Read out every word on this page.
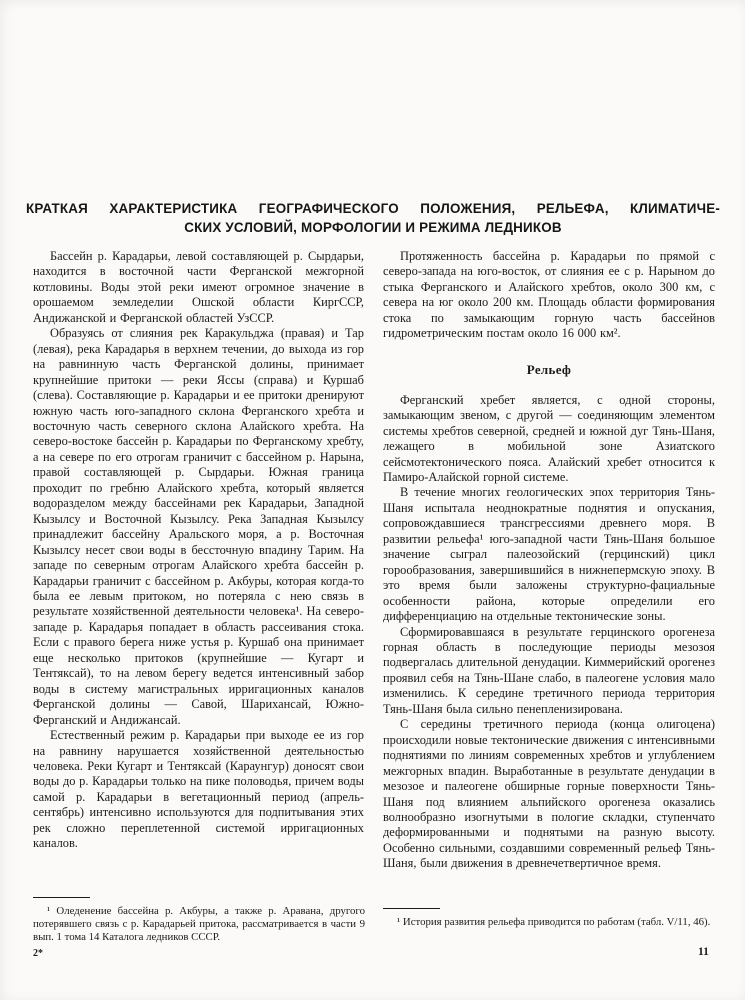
КРАТКАЯ ХАРАКТЕРИСТИКА ГЕОГРАФИЧЕСКОГО ПОЛОЖЕНИЯ, РЕЛЬЕФА, КЛИМАТИЧЕ-
СКИХ УСЛОВИЙ, МОРФОЛОГИИ И РЕЖИМА ЛЕДНИКОВ

Бассейн р. Карадарьи, левой составляющей р. Сырдарьи, находится в восточной части Ферганской межгорной котловины. Воды этой реки имеют огромное значение в орошаемом земледелии Ошской области КиргССР, Андижанской и Ферганской областей УзССР.

Образуясь от слияния рек Каракульджа (правая) и Тар (левая), река Карадарья в верхнем течении, до выхода из гор на равнинную часть Ферганской долины, принимает крупнейшие притоки — реки Яссы (справа) и Куршаб (слева). Составляющие р. Карадарьи и ее притоки дренируют южную часть юго-западного склона Ферганского хребта и восточную часть северного склона Алайского хребта. На северо-востоке бассейн р. Карадарьи по Ферганскому хребту, а на севере по его отрогам граничит с бассейном р. Нарына, правой составляющей р. Сырдарьи. Южная граница проходит по гребню Алайского хребта, который является водоразделом между бассейнами рек Карадарьи, Западной Кызылсу и Восточной Кызылсу. Река Западная Кызылсу принадлежит бассейну Аральского моря, а р. Восточная Кызылсу несет свои воды в бессточную впадину Тарим. На западе по северным отрогам Алайского хребта бассейн р. Карадарьи граничит с бассейном р. Акбуры, которая когда-то была ее левым притоком, но потеряла с нею связь в результате хозяйственной деятельности человека¹. На северо-западе р. Карадарья попадает в область рассеивания стока. Если с правого берега ниже устья р. Куршаб она принимает еще несколько притоков (крупнейшие — Кугарт и Тентяксай), то на левом берегу ведется интенсивный забор воды в систему магистральных ирригационных каналов Ферганской долины — Савой, Шарихансай, Южно-Ферганский и Андижансай.

Естественный режим р. Карадарьи при выходе ее из гор на равнину нарушается хозяйственной деятельностью человека. Реки Кугарт и Тентяксай (Караунгур) доносят свои воды до р. Карадарьи только на пике половодья, причем воды самой р. Карадарьи в вегетационный период (апрель-сентябрь) интенсивно используются для подпитывания этих рек сложно переплетенной системой ирригационных каналов.

Протяженность бассейна р. Карадарьи по прямой с северо-запада на юго-восток, от слияния ее с р. Нарыном до стыка Ферганского и Алайского хребтов, около 300 км, с севера на юг около 200 км. Площадь области формирования стока по замыкающим горную часть бассейнов гидрометрическим постам около 16 000 км².

Рельеф

Ферганский хребет является, с одной стороны, замыкающим звеном, с другой — соединяющим элементом системы хребтов северной, средней и южной дуг Тянь-Шаня, лежащего в мобильной зоне Азиатского сейсмотектонического пояса. Алайский хребет относится к Памиро-Алайской горной системе.

В течение многих геологических эпох территория Тянь-Шаня испытала неоднократные поднятия и опускания, сопровождавшиеся трансгрессиями древнего моря. В развитии рельефа¹ юго-западной части Тянь-Шаня большое значение сыграл палеозойский (герцинский) цикл горообразования, завершившийся в нижнепермскую эпоху. В это время были заложены структурно-фациальные особенности района, которые определили его дифференциацию на отдельные тектонические зоны.

Сформировавшаяся в результате герцинского орогенеза горная область в последующие периоды мезозоя подвергалась длительной денудации. Киммерийский орогенез проявил себя на Тянь-Шане слабо, в палеогене условия мало изменились. К середине третичного периода территория Тянь-Шаня была сильно пенепленизирована.

С середины третичного периода (конца олигоцена) происходили новые тектонические движения с интенсивными поднятиями по линиям современных хребтов и углублением межгорных впадин. Выработанные в результате денудации в мезозое и палеогене обширные горные поверхности Тянь-Шаня под влиянием альпийского орогенеза оказались волнообразно изогнутыми в пологие складки, ступенчато деформированными и поднятыми на разную высоту. Особенно сильными, создавшими современный рельеф Тянь-Шаня, были движения в древнечетвертичное время.

¹ Оледенение бассейна р. Акбуры, а также р. Аравана, другого потерявшего связь с р. Карадарьей притока, рассматривается в части 9 вып. 1 тома 14 Каталога ледников СССР.

¹ История развития рельефа приводится по работам (табл. V/11, 46).

2*	11
